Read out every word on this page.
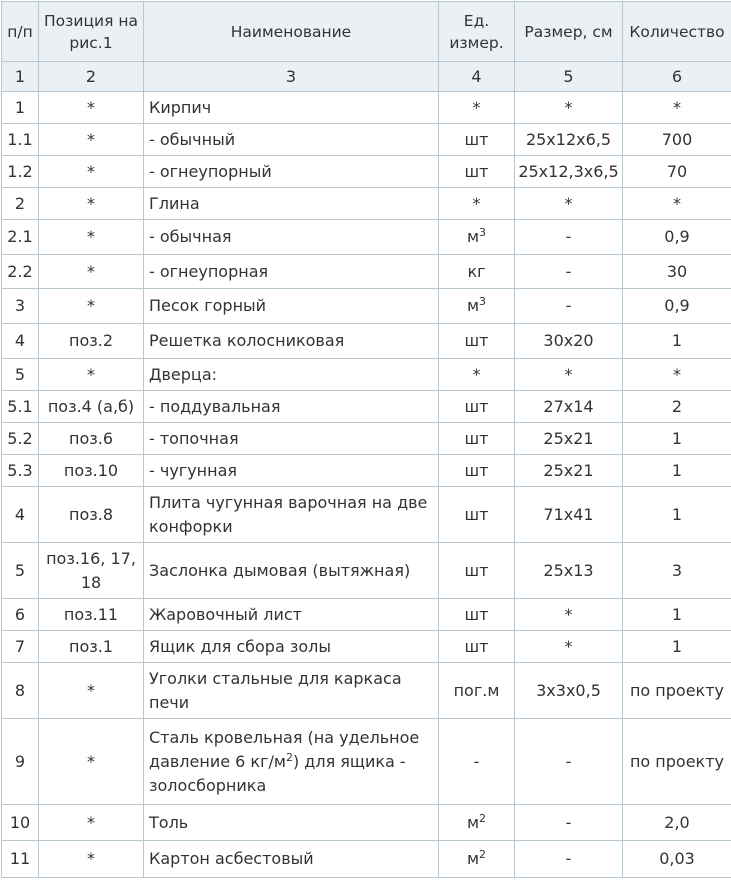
п/п	Позиция на рис.1	Наименование	Ед. измер.	Размер, см	Количество
1	2	3	4	5	6
1	*	Кирпич	*	*	*
1.1	*	- обычный	шт	25x12x6,5	700
1.2	*	- огнеупорный	шт	25x12,3x6,5	70
2	*	Глина	*	*	*
2.1	*	- обычная	$м^3$	-	0,9
2.2	*	- огнеупорная	кг	-	30
3	*	Песок горный	$м^3$	-	0,9
4	поз.2	Решетка колосниковая	шт	30x20	1
5	*	Дверца:	*	*	*
5.1	поз.4 (а,б)	- поддувальная	шт	27x14	2
5.2	поз.6	- топочная	шт	25x21	1
5.3	поз.10	- чугунная	шт	25x21	1
4	поз.8	Плита чугунная варочная на две конфорки	шт	71x41	1
5	поз.16, 17, 18	Заслонка дымовая (вытяжная)	шт	25x13	3
6	поз.11	Жаровочный лист	шт	*	1
7	поз.1	Ящик для сбора золы	шт	*	1
8	*	Уголки стальные для каркаса печи	пог.м	3x3x0,5	по проекту
9	*	Сталь кровельная (на удельное давление 6 $кг/м^2$) для ящика - золосборника	-	-	по проекту
10	*	Толь	$м^2$	-	2,0
11	*	Картон асбестовый	$м^2$	-	0,03
